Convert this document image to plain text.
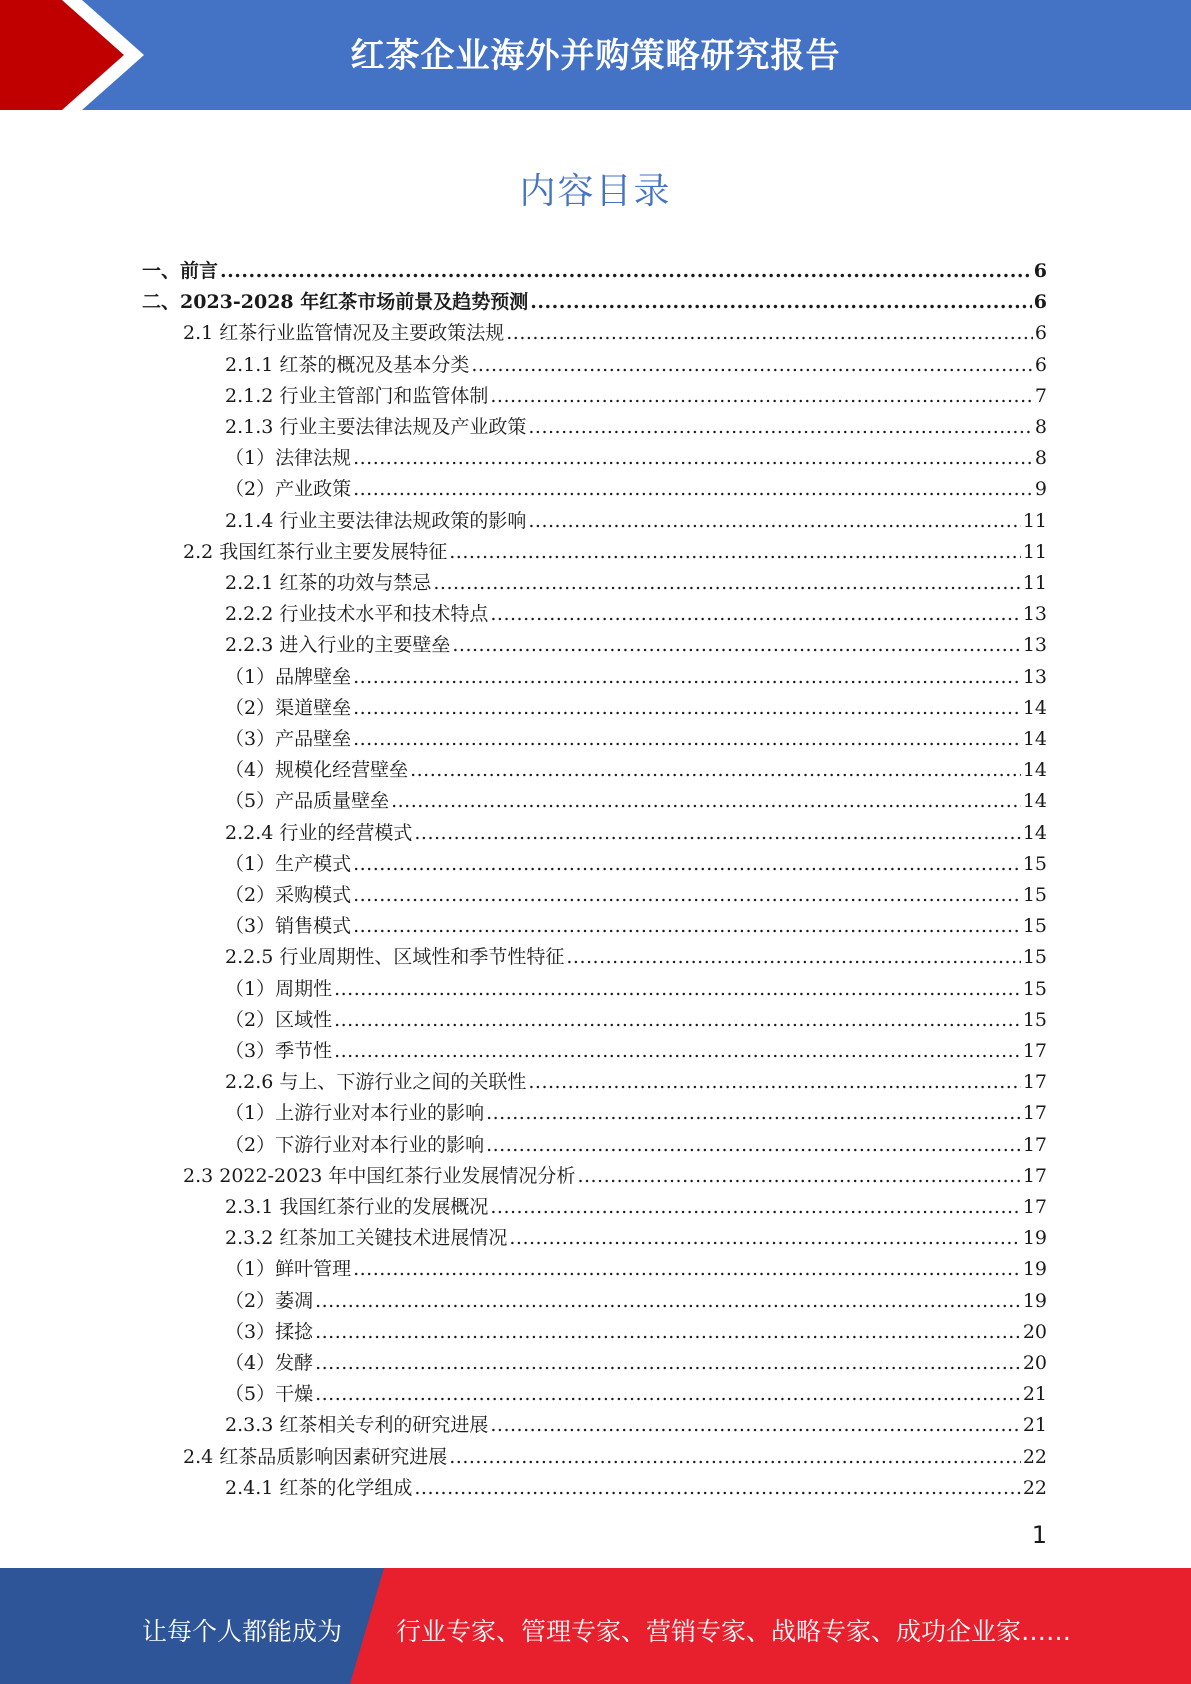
红茶企业海外并购策略研究报告
内容目录
一、前言 .....	6
二、2023-2028 年红茶市场前景及趋势预测 .....	6
2.1 红茶行业监管情况及主要政策法规 .....	6
2.1.1 红茶的概况及基本分类 .....	6
2.1.2 行业主管部门和监管体制 .....	7
2.1.3 行业主要法律法规及产业政策 .....	8
（1）法律法规 .....	8
（2）产业政策 .....	9
2.1.4 行业主要法律法规政策的影响 .....	11
2.2 我国红茶行业主要发展特征 .....	11
2.2.1 红茶的功效与禁忌 .....	11
2.2.2 行业技术水平和技术特点 .....	13
2.2.3 进入行业的主要壁垒 .....	13
（1）品牌壁垒 .....	13
（2）渠道壁垒 .....	14
（3）产品壁垒 .....	14
（4）规模化经营壁垒 .....	14
（5）产品质量壁垒 .....	14
2.2.4 行业的经营模式 .....	14
（1）生产模式 .....	15
（2）采购模式 .....	15
（3）销售模式 .....	15
2.2.5 行业周期性、区域性和季节性特征 .....	15
（1）周期性 .....	15
（2）区域性 .....	15
（3）季节性 .....	17
2.2.6 与上、下游行业之间的关联性 .....	17
（1）上游行业对本行业的影响 .....	17
（2）下游行业对本行业的影响 .....	17
2.3 2022-2023 年中国红茶行业发展情况分析 .....	17
2.3.1 我国红茶行业的发展概况 .....	17
2.3.2 红茶加工关键技术进展情况 .....	19
（1）鲜叶管理 .....	19
（2）萎凋 .....	19
（3）揉捻 .....	20
（4）发酵 .....	20
（5）干燥 .....	21
2.3.3 红茶相关专利的研究进展 .....	21
2.4 红茶品质影响因素研究进展 .....	22
2.4.1 红茶的化学组成 .....	22
1
让每个人都能成为 行业专家、管理专家、营销专家、战略专家、成功企业家……
